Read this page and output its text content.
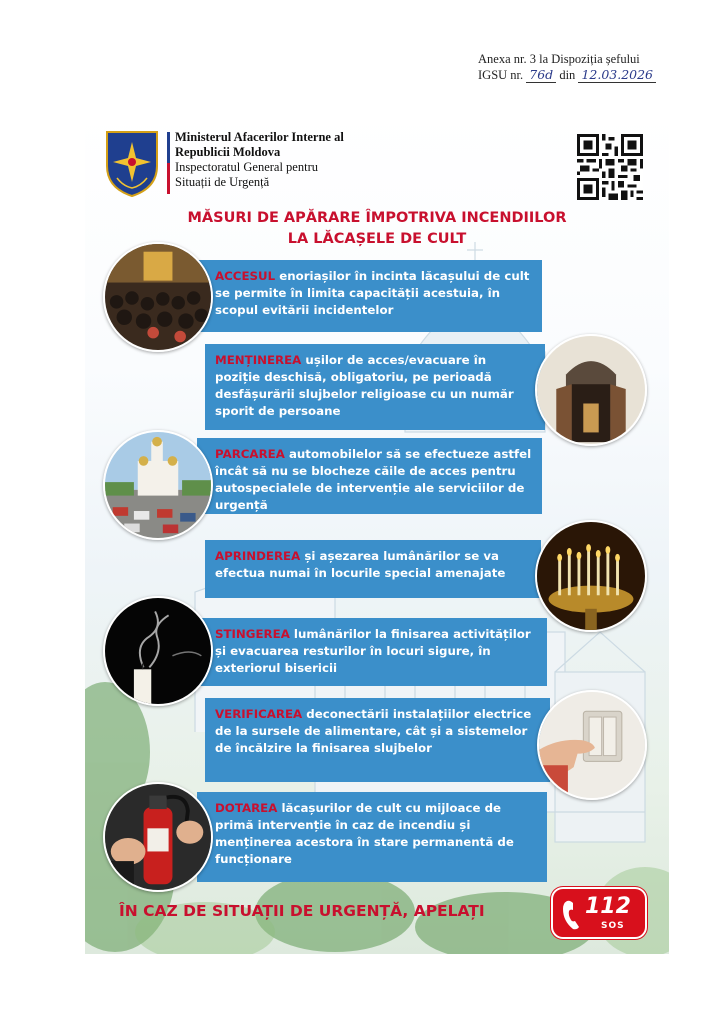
Anexa nr. 3 la Dispoziția șefului
IGSU nr. 76d din 12.03.2026
Ministerul Afacerilor Interne al
Republicii Moldova
Inspectoratul General pentru
Situații de Urgență
MĂSURI DE APĂRARE ÎMPOTRIVA INCENDIILOR
LA LĂCAȘELE DE CULT
ACCESUL enoriașilor în incinta lăcașului de cult se permite în limita capacității acestuia, în scopul evitării incidentelor
MENȚINEREA ușilor de acces/evacuare în poziție deschisă, obligatoriu, pe perioadă desfășurării slujbelor religioase cu un număr sporit de persoane
PARCAREA automobilelor să se efectueze astfel încât să nu se blocheze căile de acces pentru autospecialele de intervenție ale serviciilor de urgență
APRINDEREA și așezarea lumânărilor se va efectua numai în locurile special amenajate
STINGEREA lumânărilor la finisarea activităților și evacuarea resturilor în locuri sigure, în exteriorul bisericii
VERIFICAREA deconectării instalațiilor electrice de la sursele de alimentare, cât și a sistemelor de încălzire la finisarea slujbelor
DOTAREA lăcașurilor de cult cu mijloace de primă intervenție în caz de incendiu și menținerea acestora în stare permanentă de funcționare
ÎN CAZ DE SITUAȚII DE URGENȚĂ, APELAȚI	112
SOS
